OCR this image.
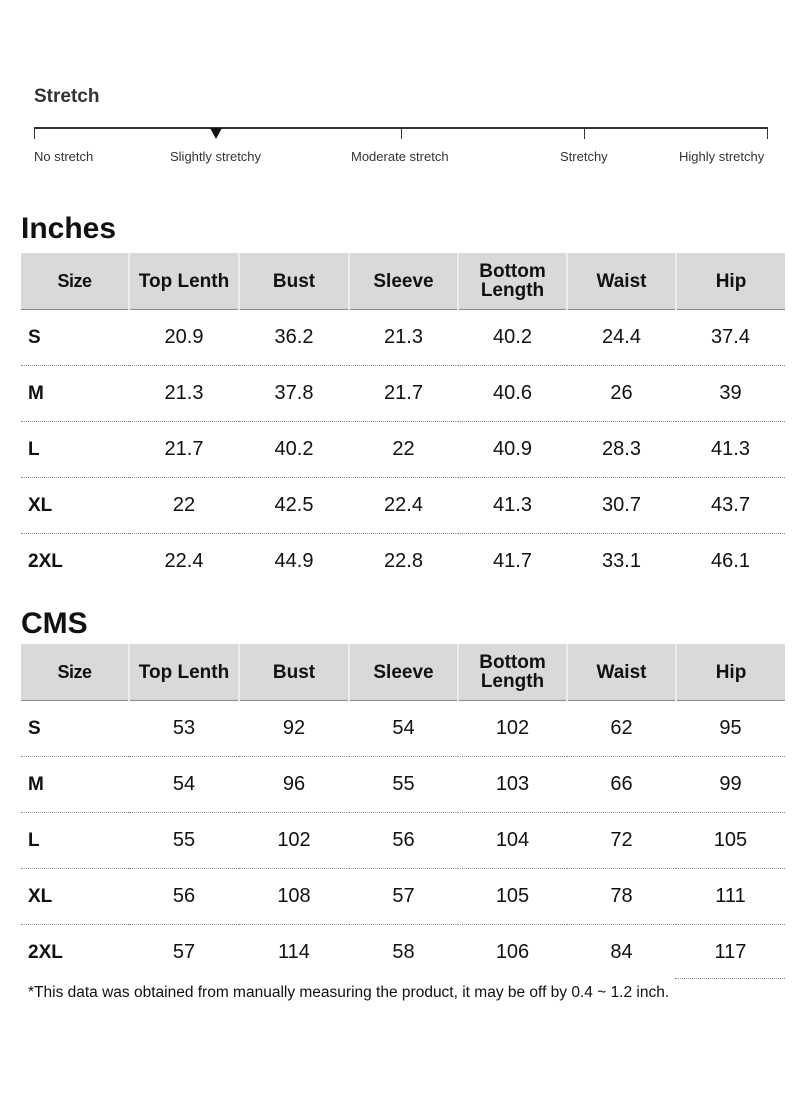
Stretch
No stretch	Slightly stretchy	Moderate stretch	Stretchy	Highly stretchy
Inches
Size	Top Lenth	Bust	Sleeve	Bottom Length	Waist	Hip
S	20.9	36.2	21.3	40.2	24.4	37.4
M	21.3	37.8	21.7	40.6	26	39
L	21.7	40.2	22	40.9	28.3	41.3
XL	22	42.5	22.4	41.3	30.7	43.7
2XL	22.4	44.9	22.8	41.7	33.1	46.1
CMS
Size	Top Lenth	Bust	Sleeve	Bottom Length	Waist	Hip
S	53	92	54	102	62	95
M	54	96	55	103	66	99
L	55	102	56	104	72	105
XL	56	108	57	105	78	111
2XL	57	114	58	106	84	117
*This data was obtained from manually measuring the product, it may be off by 0.4 ~ 1.2 inch.
